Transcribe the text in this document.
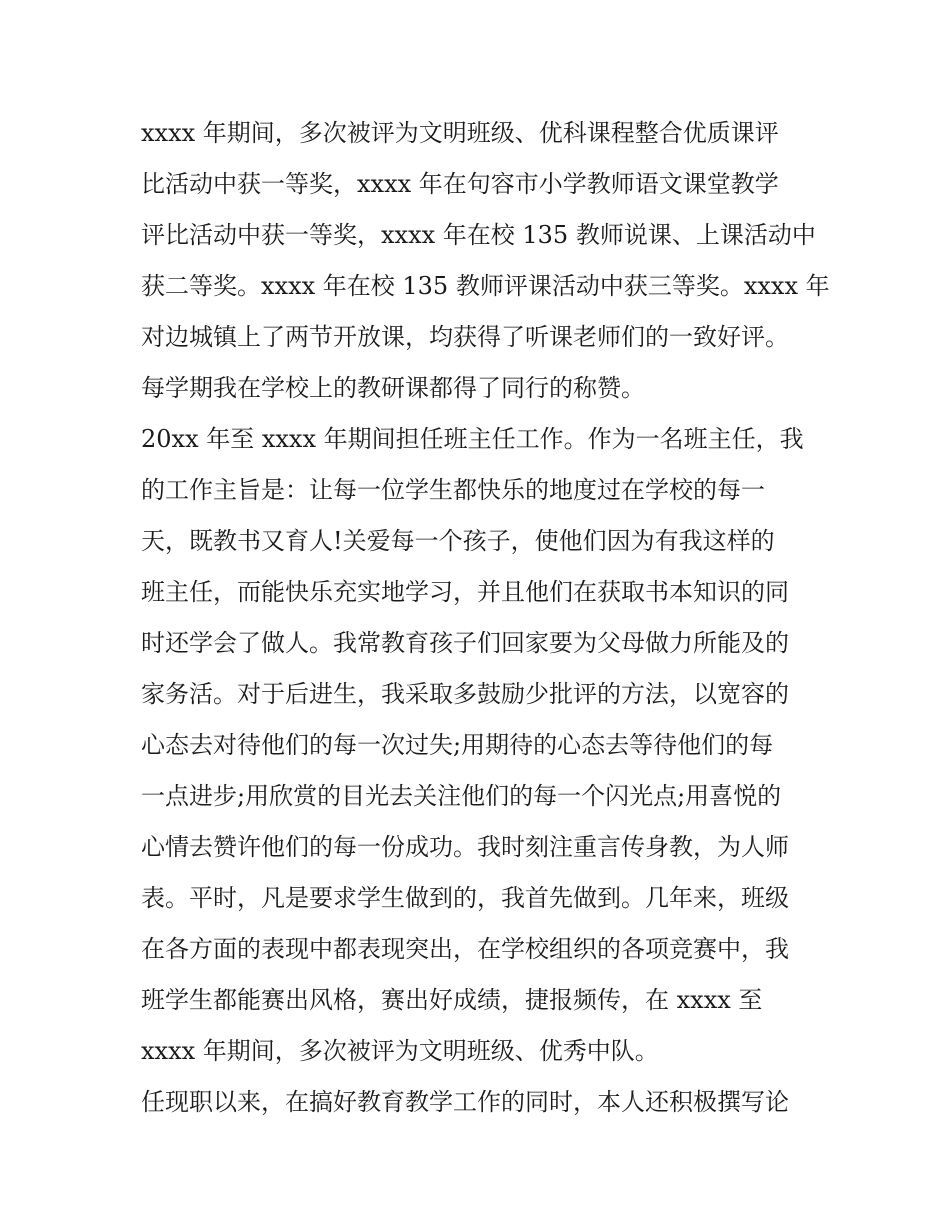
xxxx 年期间，多次被评为文明班级、优科课程整合优质课评
比活动中获一等奖，xxxx 年在句容市小学教师语文课堂教学
评比活动中获一等奖，xxxx 年在校 135 教师说课、上课活动中
获二等奖。xxxx 年在校 135 教师评课活动中获三等奖。xxxx 年
对边城镇上了两节开放课，均获得了听课老师们的一致好评。
每学期我在学校上的教研课都得了同行的称赞。
20xx 年至 xxxx 年期间担任班主任工作。作为一名班主任，我
的工作主旨是：让每一位学生都快乐的地度过在学校的每一
天，既教书又育人!关爱每一个孩子，使他们因为有我这样的
班主任，而能快乐充实地学习，并且他们在获取书本知识的同
时还学会了做人。我常教育孩子们回家要为父母做力所能及的
家务活。对于后进生，我采取多鼓励少批评的方法，以宽容的
心态去对待他们的每一次过失;用期待的心态去等待他们的每
一点进步;用欣赏的目光去关注他们的每一个闪光点;用喜悦的
心情去赞许他们的每一份成功。我时刻注重言传身教，为人师
表。平时，凡是要求学生做到的，我首先做到。几年来，班级
在各方面的表现中都表现突出，在学校组织的各项竞赛中，我
班学生都能赛出风格，赛出好成绩，捷报频传，在 xxxx 至
xxxx 年期间，多次被评为文明班级、优秀中队。
任现职以来，在搞好教育教学工作的同时，本人还积极撰写论
